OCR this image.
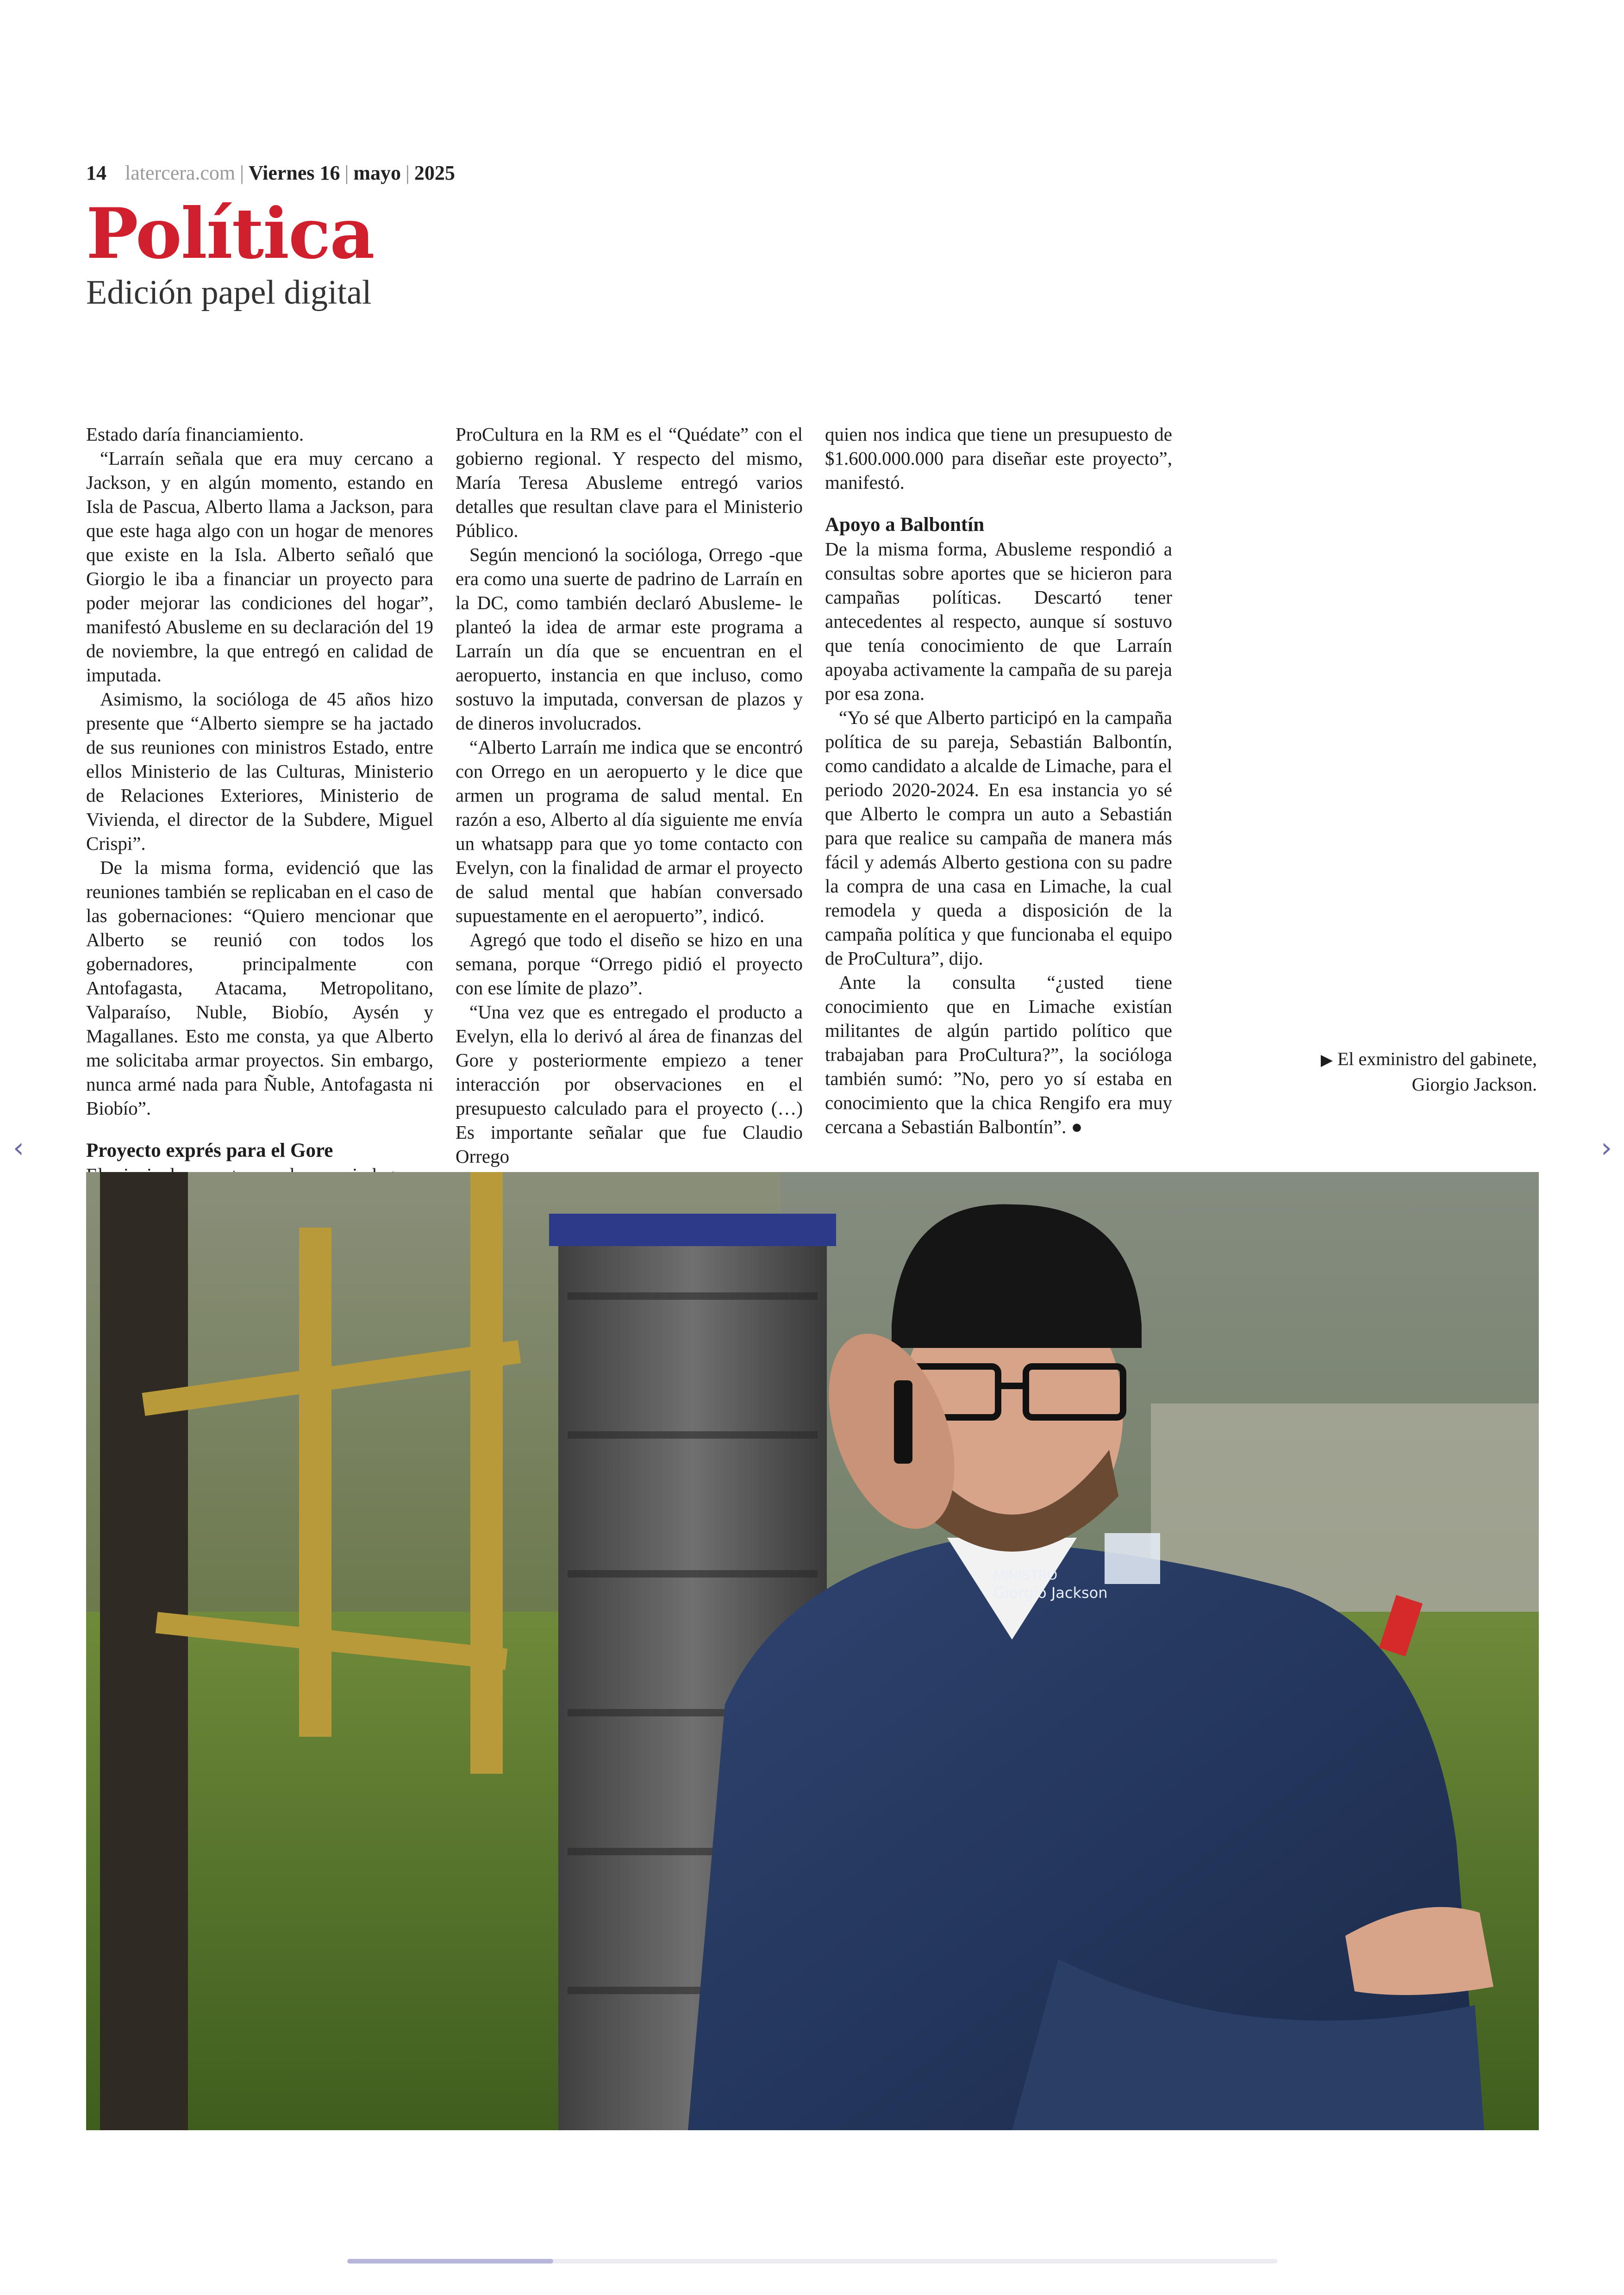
14 latercera.com | Viernes 16 | mayo | 2025
Política
Edición papel digital

Estado daría financiamiento.

“Larraín señala que era muy cercano a Jackson, y en algún momento, estando en Isla de Pascua, Alberto llama a Jackson, para que este haga algo con un hogar de menores que existe en la Isla. Alberto señaló que Giorgio le iba a financiar un proyecto para poder mejorar las condiciones del hogar”, manifestó Abusleme en su declaración del 19 de noviembre, la que entregó en calidad de imputada.

Asimismo, la socióloga de 45 años hizo presente que “Alberto siempre se ha jactado de sus reuniones con ministros Estado, entre ellos Ministerio de las Culturas, Ministerio de Relaciones Exteriores, Ministerio de Vivienda, el director de la Subdere, Miguel Crispi”.

De la misma forma, evidenció que las reuniones también se replicaban en el caso de las gobernaciones: “Quiero mencionar que Alberto se reunió con todos los gobernadores, principalmente con Antofagasta, Atacama, Metropolitano, Valparaíso, Nuble, Biobío, Aysén y Magallanes. Esto me consta, ya que Alberto me solicitaba armar proyectos. Sin embargo, nunca armé nada para Ñuble, Antofagasta ni Biobío”.

Proyecto exprés para el Gore

ProCultura en la RM es el “Quédate” con el gobierno regional. Y respecto del mismo, María Teresa Abusleme entregó varios detalles que resultan clave para el Ministerio Público.

Según mencionó la socióloga, Orrego -que era como una suerte de padrino de Larraín en la DC, como también declaró Abusleme- le planteó la idea de armar este programa a Larraín un día que se encuentran en el aeropuerto, instancia en que incluso, como sostuvo la imputada, conversan de plazos y de dineros involucrados.

“Alberto Larraín me indica que se encontró con Orrego en un aeropuerto y le dice que armen un programa de salud mental. En razón a eso, Alberto al día siguiente me envía un whatsapp para que yo tome contacto con Evelyn, con la finalidad de armar el proyecto de salud mental que habían conversado supuestamente en el aeropuerto”, indicó.

Agregó que todo el diseño se hizo en una semana, porque “Orrego pidió el proyecto con ese límite de plazo”.

“Una vez que es entregado el producto a Evelyn, ella lo derivó al área de finanzas del Gore y posteriormente empiezo a tener interacción por observaciones en el presupuesto calculado para el proyecto (…) Es importante señalar que fue Claudio Orrego

quien nos indica que tiene un presupuesto de $1.600.000.000 para diseñar este proyecto”, manifestó.

Apoyo a Balbontín

De la misma forma, Abusleme respondió a consultas sobre aportes que se hicieron para campañas políticas. Descartó tener antecedentes al respecto, aunque sí sostuvo que tenía conocimiento de que Larraín apoyaba activamente la campaña de su pareja por esa zona.

“Yo sé que Alberto participó en la campaña política de su pareja, Sebastián Balbontín, como candidato a alcalde de Limache, para el periodo 2020-2024. En esa instancia yo sé que Alberto le compra un auto a Sebastián para que realice su campaña de manera más fácil y además Alberto gestiona con su padre la compra de una casa en Limache, la cual remodela y queda a disposición de la campaña política y que funcionaba el equipo de ProCultura”, dijo.

Ante la consulta “¿usted tiene conocimiento que en Limache existían militantes de algún partido político que trabajaban para ProCultura?”, la socióloga también sumó: ”No, pero yo sí estaba en conocimiento que la chica Rengifo era muy cercana a Sebastián Balbontín”. ●

▶ El exministro del gabinete,
Giorgio Jackson.
MINISTRO
Giorgio Jackson
‹	›
